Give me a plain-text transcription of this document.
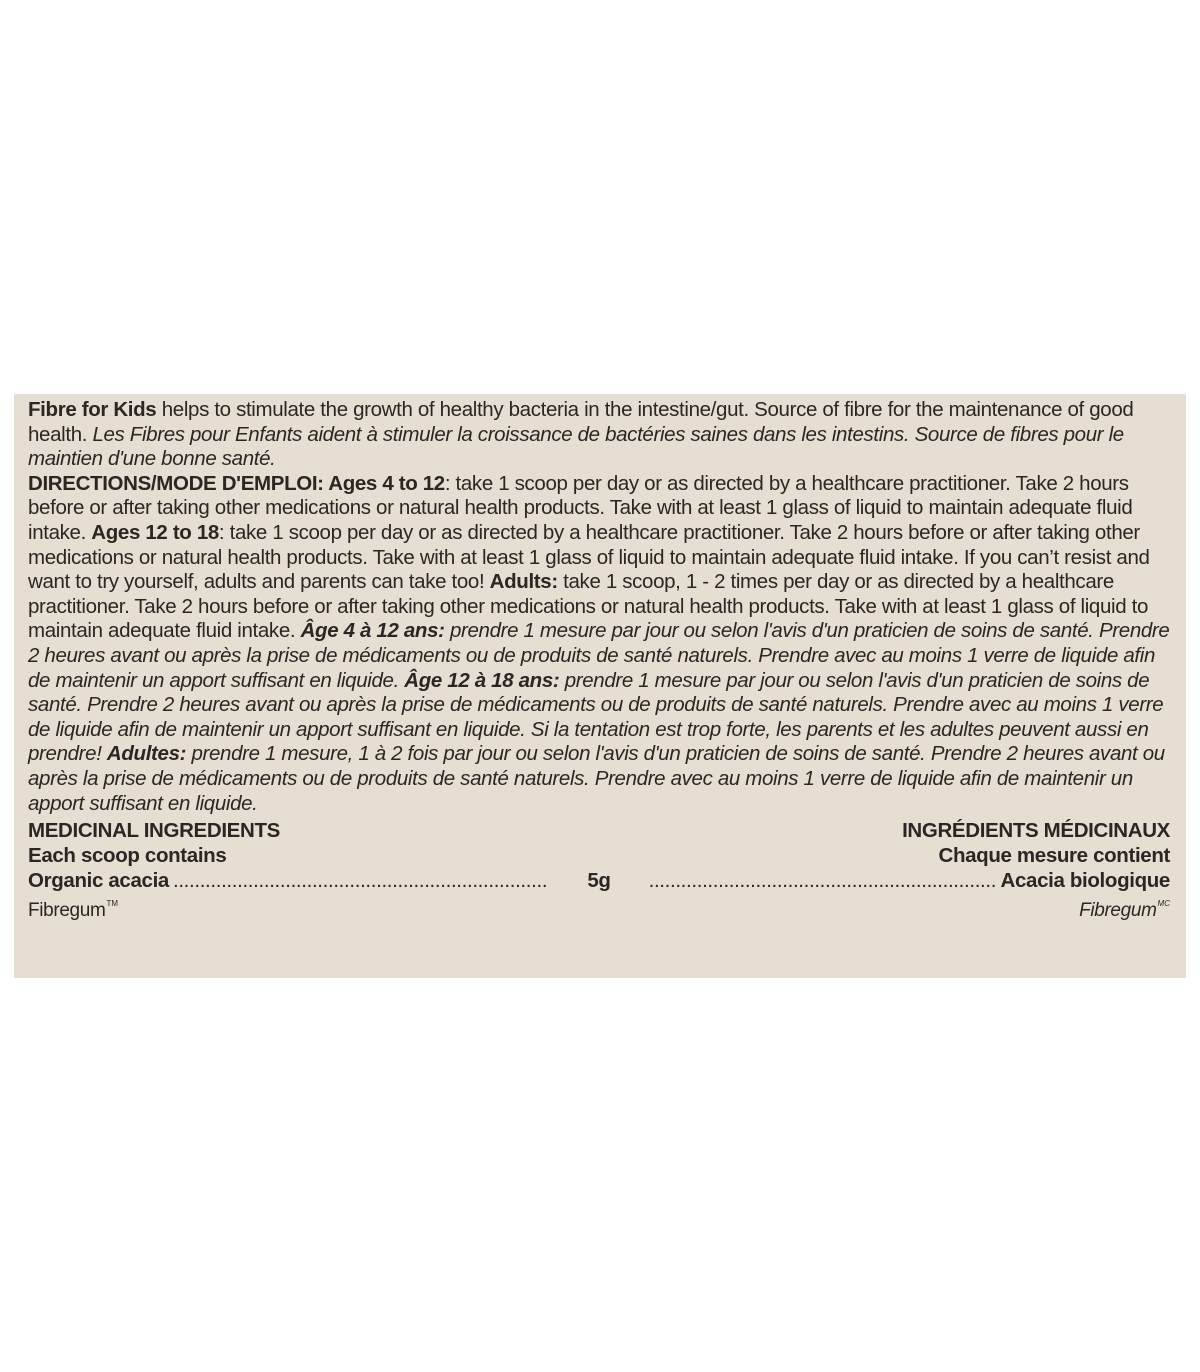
Fibre for Kids helps to stimulate the growth of healthy bacteria in the intestine/gut. Source of fibre for the maintenance of good health. Les Fibres pour Enfants aident à stimuler la croissance de bactéries saines dans les intestins. Source de fibres pour le maintien d'une bonne santé.
DIRECTIONS/MODE D'EMPLOI: Ages 4 to 12: take 1 scoop per day or as directed by a healthcare practitioner. Take 2 hours before or after taking other medications or natural health products. Take with at least 1 glass of liquid to maintain adequate fluid intake. Ages 12 to 18: take 1 scoop per day or as directed by a healthcare practitioner. Take 2 hours before or after taking other medications or natural health products. Take with at least 1 glass of liquid to maintain adequate fluid intake. If you can’t resist and want to try yourself, adults and parents can take too! Adults: take 1 scoop, 1 - 2 times per day or as directed by a healthcare practitioner. Take 2 hours before or after taking other medications or natural health products. Take with at least 1 glass of liquid to maintain adequate fluid intake. Âge 4 à 12 ans: prendre 1 mesure par jour ou selon l'avis d'un praticien de soins de santé. Prendre 2 heures avant ou après la prise de médicaments ou de produits de santé naturels. Prendre avec au moins 1 verre de liquide afin de maintenir un apport suffisant en liquide. Âge 12 à 18 ans: prendre 1 mesure par jour ou selon l'avis d'un praticien de soins de santé. Prendre 2 heures avant ou après la prise de médicaments ou de produits de santé naturels. Prendre avec au moins 1 verre de liquide afin de maintenir un apport suffisant en liquide. Si la tentation est trop forte, les parents et les adultes peuvent aussi en prendre! Adultes: prendre 1 mesure, 1 à 2 fois par jour ou selon l'avis d'un praticien de soins de santé. Prendre 2 heures avant ou après la prise de médicaments ou de produits de santé naturels. Prendre avec au moins 1 verre de liquide afin de maintenir un apport suffisant en liquide.

MEDICINAL INGREDIENTS	INGRÉDIENTS MÉDICINAUX
Each scoop contains	Chaque mesure contient
Organic acacia .....	5g .....	Acacia biologique
Fibregum™	Fibregum$^{MC}$
